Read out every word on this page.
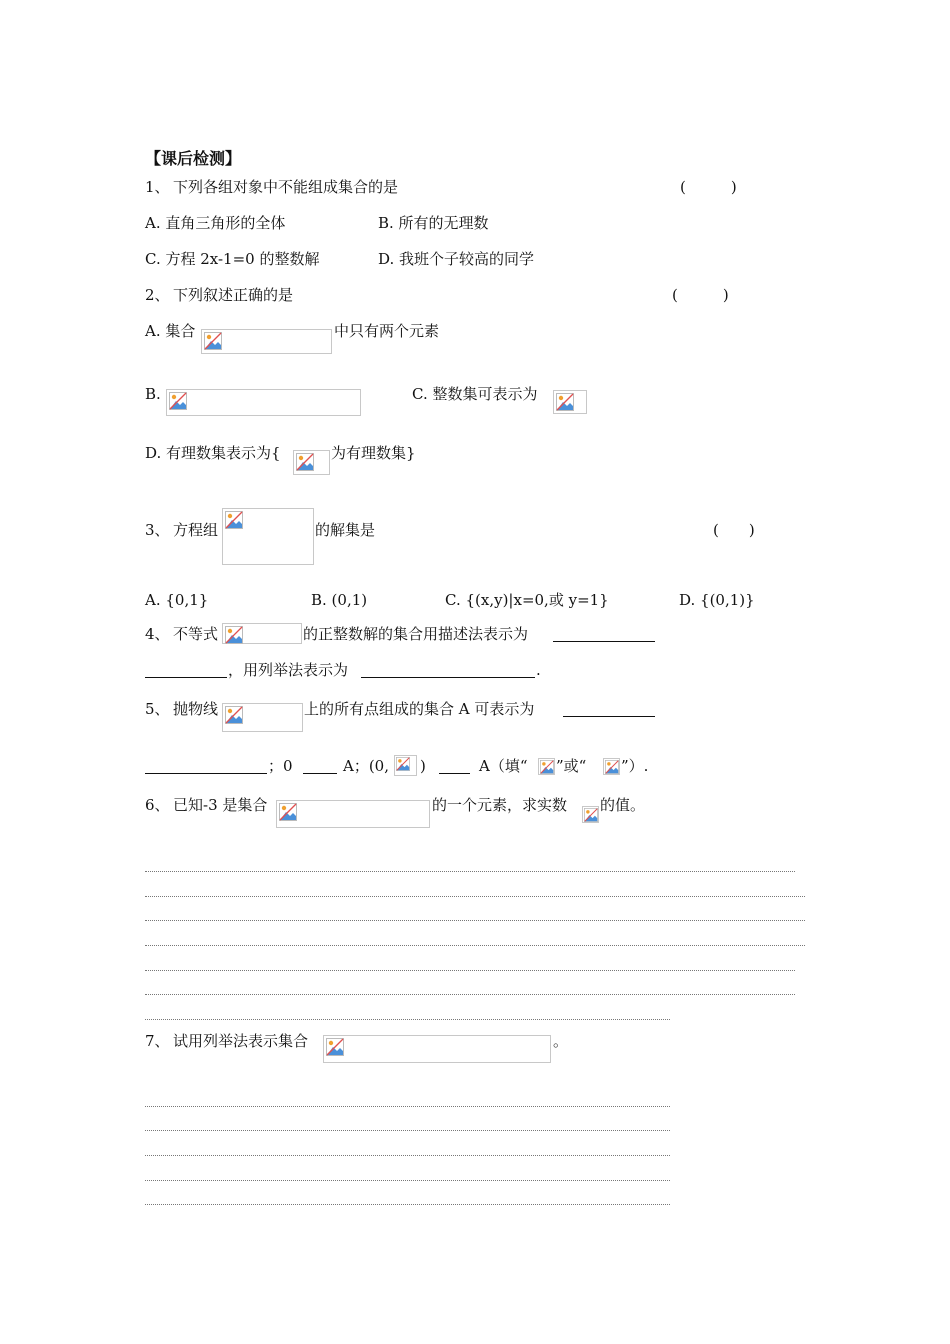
【课后检测】
1、 下列各组对象中不能组成集合的是	(　　　)
A. 直角三角形的全体	B. 所有的无理数
C. 方程 2x-1=0 的整数解	D. 我班个子较高的同学
2、 下列叙述正确的是	(　　　)
A. 集合	中只有两个元素
B.	C. 整数集可表示为
D. 有理数集表示为{	为有理数集}
3、 方程组	的解集是	(　　)
A. {0,1}	B. (0,1)	C. {(x,y)|x=0,或 y=1}	D. {(0,1)}
4、 不等式	的正整数解的集合用描述法表示为
，用列举法表示为	.
5、 抛物线	上的所有点组成的集合 A 可表示为
；0	A；(0, )	A（填“ ”或“ ”）.
6、 已知-3 是集合	的一个元素，求实数 的值。
7、 试用列举法表示集合	。
